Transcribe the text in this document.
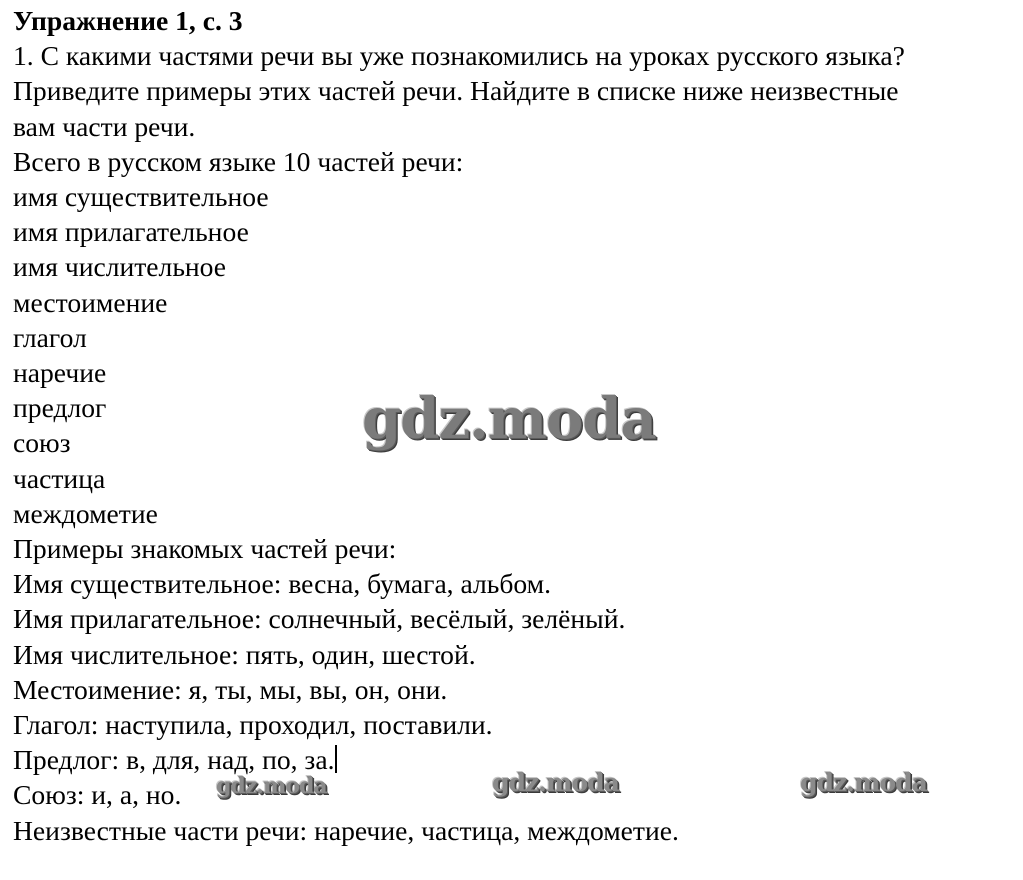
Упражнение 1, с. 3
1. С какими частями речи вы уже познакомились на уроках русского языка?
Приведите примеры этих частей речи. Найдите в списке ниже неизвестные
вам части речи.
Всего в русском языке 10 частей речи:
имя существительное
имя прилагательное
имя числительное
местоимение
глагол
наречие
предлог
союз
частица
междометие
Примеры знакомых частей речи:
Имя существительное: весна, бумага, альбом.
Имя прилагательное: солнечный, весёлый, зелёный.
Имя числительное: пять, один, шестой.
Местоимение: я, ты, мы, вы, он, они.
Глагол: наступила, проходил, поставили.
Предлог: в, для, над, по, за.
Союз: и, а, но.
Неизвестные части речи: наречие, частица, междометие.
gdz.moda
gdz.moda	gdz.moda	gdz.moda
